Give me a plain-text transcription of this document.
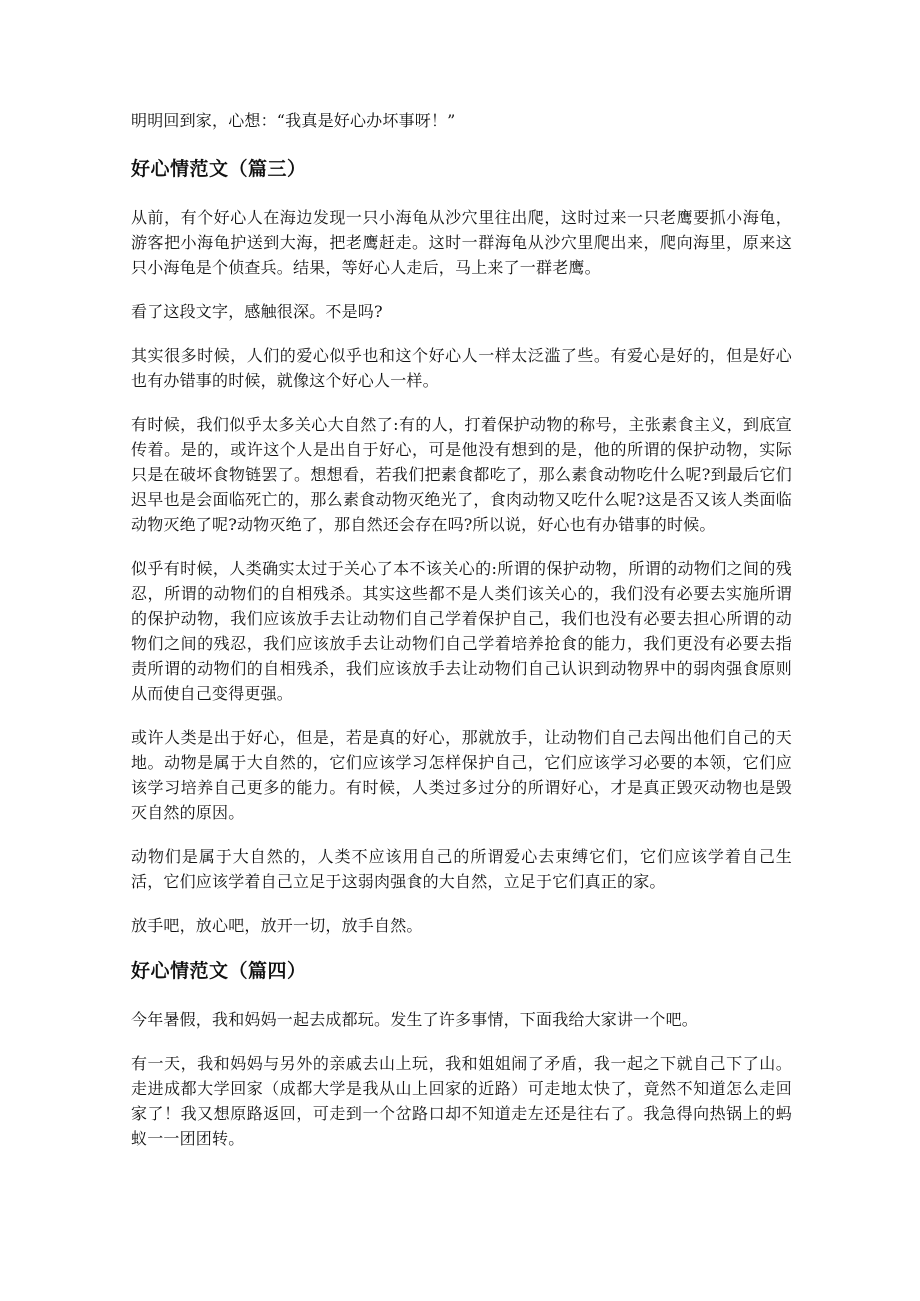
明明回到家，心想：“我真是好心办坏事呀！”

好心情范文（篇三）

从前，有个好心人在海边发现一只小海龟从沙穴里往出爬，这时过来一只老鹰要抓小海龟，游客把小海龟护送到大海，把老鹰赶走。这时一群海龟从沙穴里爬出来，爬向海里，原来这只小海龟是个侦查兵。结果，等好心人走后，马上来了一群老鹰。

看了这段文字，感触很深。不是吗?

其实很多时候，人们的爱心似乎也和这个好心人一样太泛滥了些。有爱心是好的，但是好心也有办错事的时候，就像这个好心人一样。

有时候，我们似乎太多关心大自然了:有的人，打着保护动物的称号，主张素食主义，到底宣传着。是的，或许这个人是出自于好心，可是他没有想到的是，他的所谓的保护动物，实际只是在破坏食物链罢了。想想看，若我们把素食都吃了，那么素食动物吃什么呢?到最后它们迟早也是会面临死亡的，那么素食动物灭绝光了，食肉动物又吃什么呢?这是否又该人类面临动物灭绝了呢?动物灭绝了，那自然还会存在吗?所以说，好心也有办错事的时候。

似乎有时候，人类确实太过于关心了本不该关心的:所谓的保护动物，所谓的动物们之间的残忍，所谓的动物们的自相残杀。其实这些都不是人类们该关心的，我们没有必要去实施所谓的保护动物，我们应该放手去让动物们自己学着保护自己，我们也没有必要去担心所谓的动物们之间的残忍，我们应该放手去让动物们自己学着培养抢食的能力，我们更没有必要去指责所谓的动物们的自相残杀，我们应该放手去让动物们自己认识到动物界中的弱肉强食原则从而使自己变得更强。

或许人类是出于好心，但是，若是真的好心，那就放手，让动物们自己去闯出他们自己的天地。动物是属于大自然的，它们应该学习怎样保护自己，它们应该学习必要的本领，它们应该学习培养自己更多的能力。有时候，人类过多过分的所谓好心，才是真正毁灭动物也是毁灭自然的原因。

动物们是属于大自然的，人类不应该用自己的所谓爱心去束缚它们，它们应该学着自己生活，它们应该学着自己立足于这弱肉强食的大自然，立足于它们真正的家。

放手吧，放心吧，放开一切，放手自然。

好心情范文（篇四）

今年暑假，我和妈妈一起去成都玩。发生了许多事情，下面我给大家讲一个吧。

有一天，我和妈妈与另外的亲戚去山上玩，我和姐姐闹了矛盾，我一起之下就自己下了山。走进成都大学回家（成都大学是我从山上回家的近路）可走地太快了，竟然不知道怎么走回家了！我又想原路返回，可走到一个岔路口却不知道走左还是往右了。我急得向热锅上的蚂蚁一一团团转。
